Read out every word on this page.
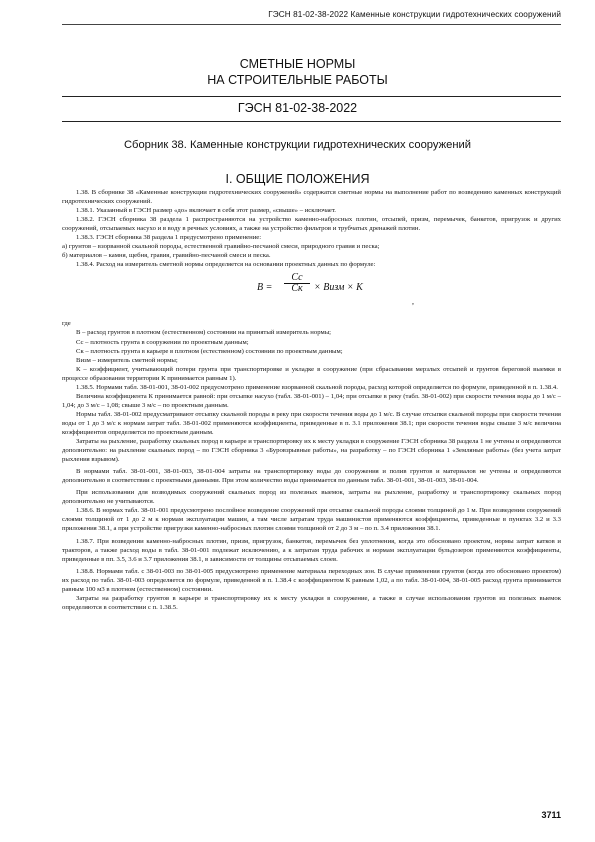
ГЭСН 81-02-38-2022 Каменные конструкции гидротехнических сооружений
СМЕТНЫЕ НОРМЫ
НА СТРОИТЕЛЬНЫЕ РАБОТЫ
ГЭСН 81-02-38-2022
Сборник 38. Каменные конструкции гидротехнических сооружений
I. ОБЩИЕ ПОЛОЖЕНИЯ

1.38. В сборнике 38 «Каменные конструкции гидротехнических сооружений» содержатся сметные нормы на выполнение работ по возведению каменных конструкций гидротехнических сооружений.

1.38.1. Указанный в ГЭСН размер «до» включает в себя этот размер, «свыше» – исключает.

1.38.2. ГЭСН сборника 38 раздела 1 распространяются на устройство каменно-набросных плотин, отсыпей, призм, перемычек, банкетов, пригрузок и других сооружений, отсыпаемых насухо и в воду в речных условиях, а также на устройство фильтров и трубчатых дренажей плотин.

1.38.3. ГЭСН сборника 38 раздела 1 предусмотрено применение:

а) грунтов – взорванной скальной породы, естественной гравийно-песчаной смеси, природного гравия и песка;

б) материалов – камня, щебня, гравия, гравийно-песчаной смеси и песка.

1.38.4. Расход на измеритель сметной нормы определяется на основании проектных данных по формуле:

В =
Сс
Ск	× Визм × К
,

где

В – расход грунтов в плотном (естественном) состоянии на принятый измеритель нормы;

Сс – плотность грунта в сооружении по проектным данным;

Ск – плотность грунта в карьере в плотном (естественном) состоянии по проектным данным;

Визм – измеритель сметной нормы;

К – коэффициент, учитывающий потери грунта при транспортировке и укладке в сооружение (при сбрасывании мерзлых отсыпей и грунтов береговой выемки в процессе образования территории К принимается равным 1).

1.38.5. Нормами табл. 38-01-001, 38-01-002 предусмотрено применение взорванной скальной породы, расход которой определяется по формуле, приведенной в п. 1.38.4.

Величина коэффициента К принимается равной: при отсыпке насухо (табл. 38-01-001) – 1,04; при отсыпке в реку (табл. 38-01-002) при скорости течения воды до 1 м/с – 1,04; до 3 м/с – 1,08; свыше 3 м/с – по проектным данным.

Нормы табл. 38-01-002 предусматривают отсыпку скальной породы в реку при скорости течения воды до 1 м/с. В случае отсыпки скальной породы при скорости течения воды от 1 до 3 м/с к нормам затрат табл. 38-01-002 применяются коэффициенты, приведенные в п. 3.1 приложения 38.1; при скорости течения воды свыше 3 м/с величина коэффициентов определяется по проектным данным.

Затраты на рыхление, разработку скальных пород в карьере и транспортировку их к месту укладки в сооружение ГЭСН сборника 38 раздела 1 не учтены и определяются дополнительно: на рыхление скальных пород – по ГЭСН сборника 3 «Буровзрывные работы», на разработку – по ГЭСН сборника 1 «Земляные работы» (без учета затрат рыхления взрывом).

В нормами табл. 38-01-001, 38-01-003, 38-01-004 затраты на транспортировку воды до сооружения и полив грунтов и материалов не учтены и определяются дополнительно в соответствии с проектными данными. При этом количество воды принимается по данным табл. 38-01-001, 38-01-003, 38-01-004.

При использовании для возводимых сооружений скальных пород из полезных выемок, затраты на рыхление, разработку и транспортировку скальных пород дополнительно не учитываются.

1.38.6. В нормах табл. 38-01-001 предусмотрено послойное возведение сооружений при отсыпке скальной породы слоями толщиной до 1 м. При возведении сооружений слоями толщиной от 1 до 2 м к нормам эксплуатации машин, а там числе затратам труда машинистов применяются коэффициенты, приведенные в пунктах 3.2 и 3.3 приложения 38.1, а при устройстве пригрузки каменно-набросных плотин слоями толщиной от 2 до 3 м – по п. 3.4 приложения 38.1.

1.38.7. При возведении каменно-набросных плотин, призм, пригрузок, банкетов, перемычек без уплотнения, когда это обосновано проектом, нормы затрат катков и тракторов, а также расход воды в табл. 38-01-001 подлежат исключению, а к затратам труда рабочих и нормам эксплуатации бульдозеров применяются коэффициенты, приведенные в пп. 3.5, 3.6 и 3.7 приложения 38.1, в зависимости от толщины отсыпаемых слоев.

1.38.8. Нормами табл. с 38-01-003 по 38-01-005 предусмотрено применение материала переходных зон. В случае применения грунтов (когда это обосновано проектом) их расход по табл. 38-01-003 определяется по формуле, приведенной в п. 1.38.4 с коэффициентом К равным 1,02, а по табл. 38-01-004, 38-01-005 расход грунта принимается равным 100 м3 в плотном (естественном) состоянии.

Затраты на разработку грунтов в карьере и транспортировку их к месту укладки в сооружение, а также в случае использования грунтов из полезных выемок определяются в соответствии с п. 1.38.5.

3711
